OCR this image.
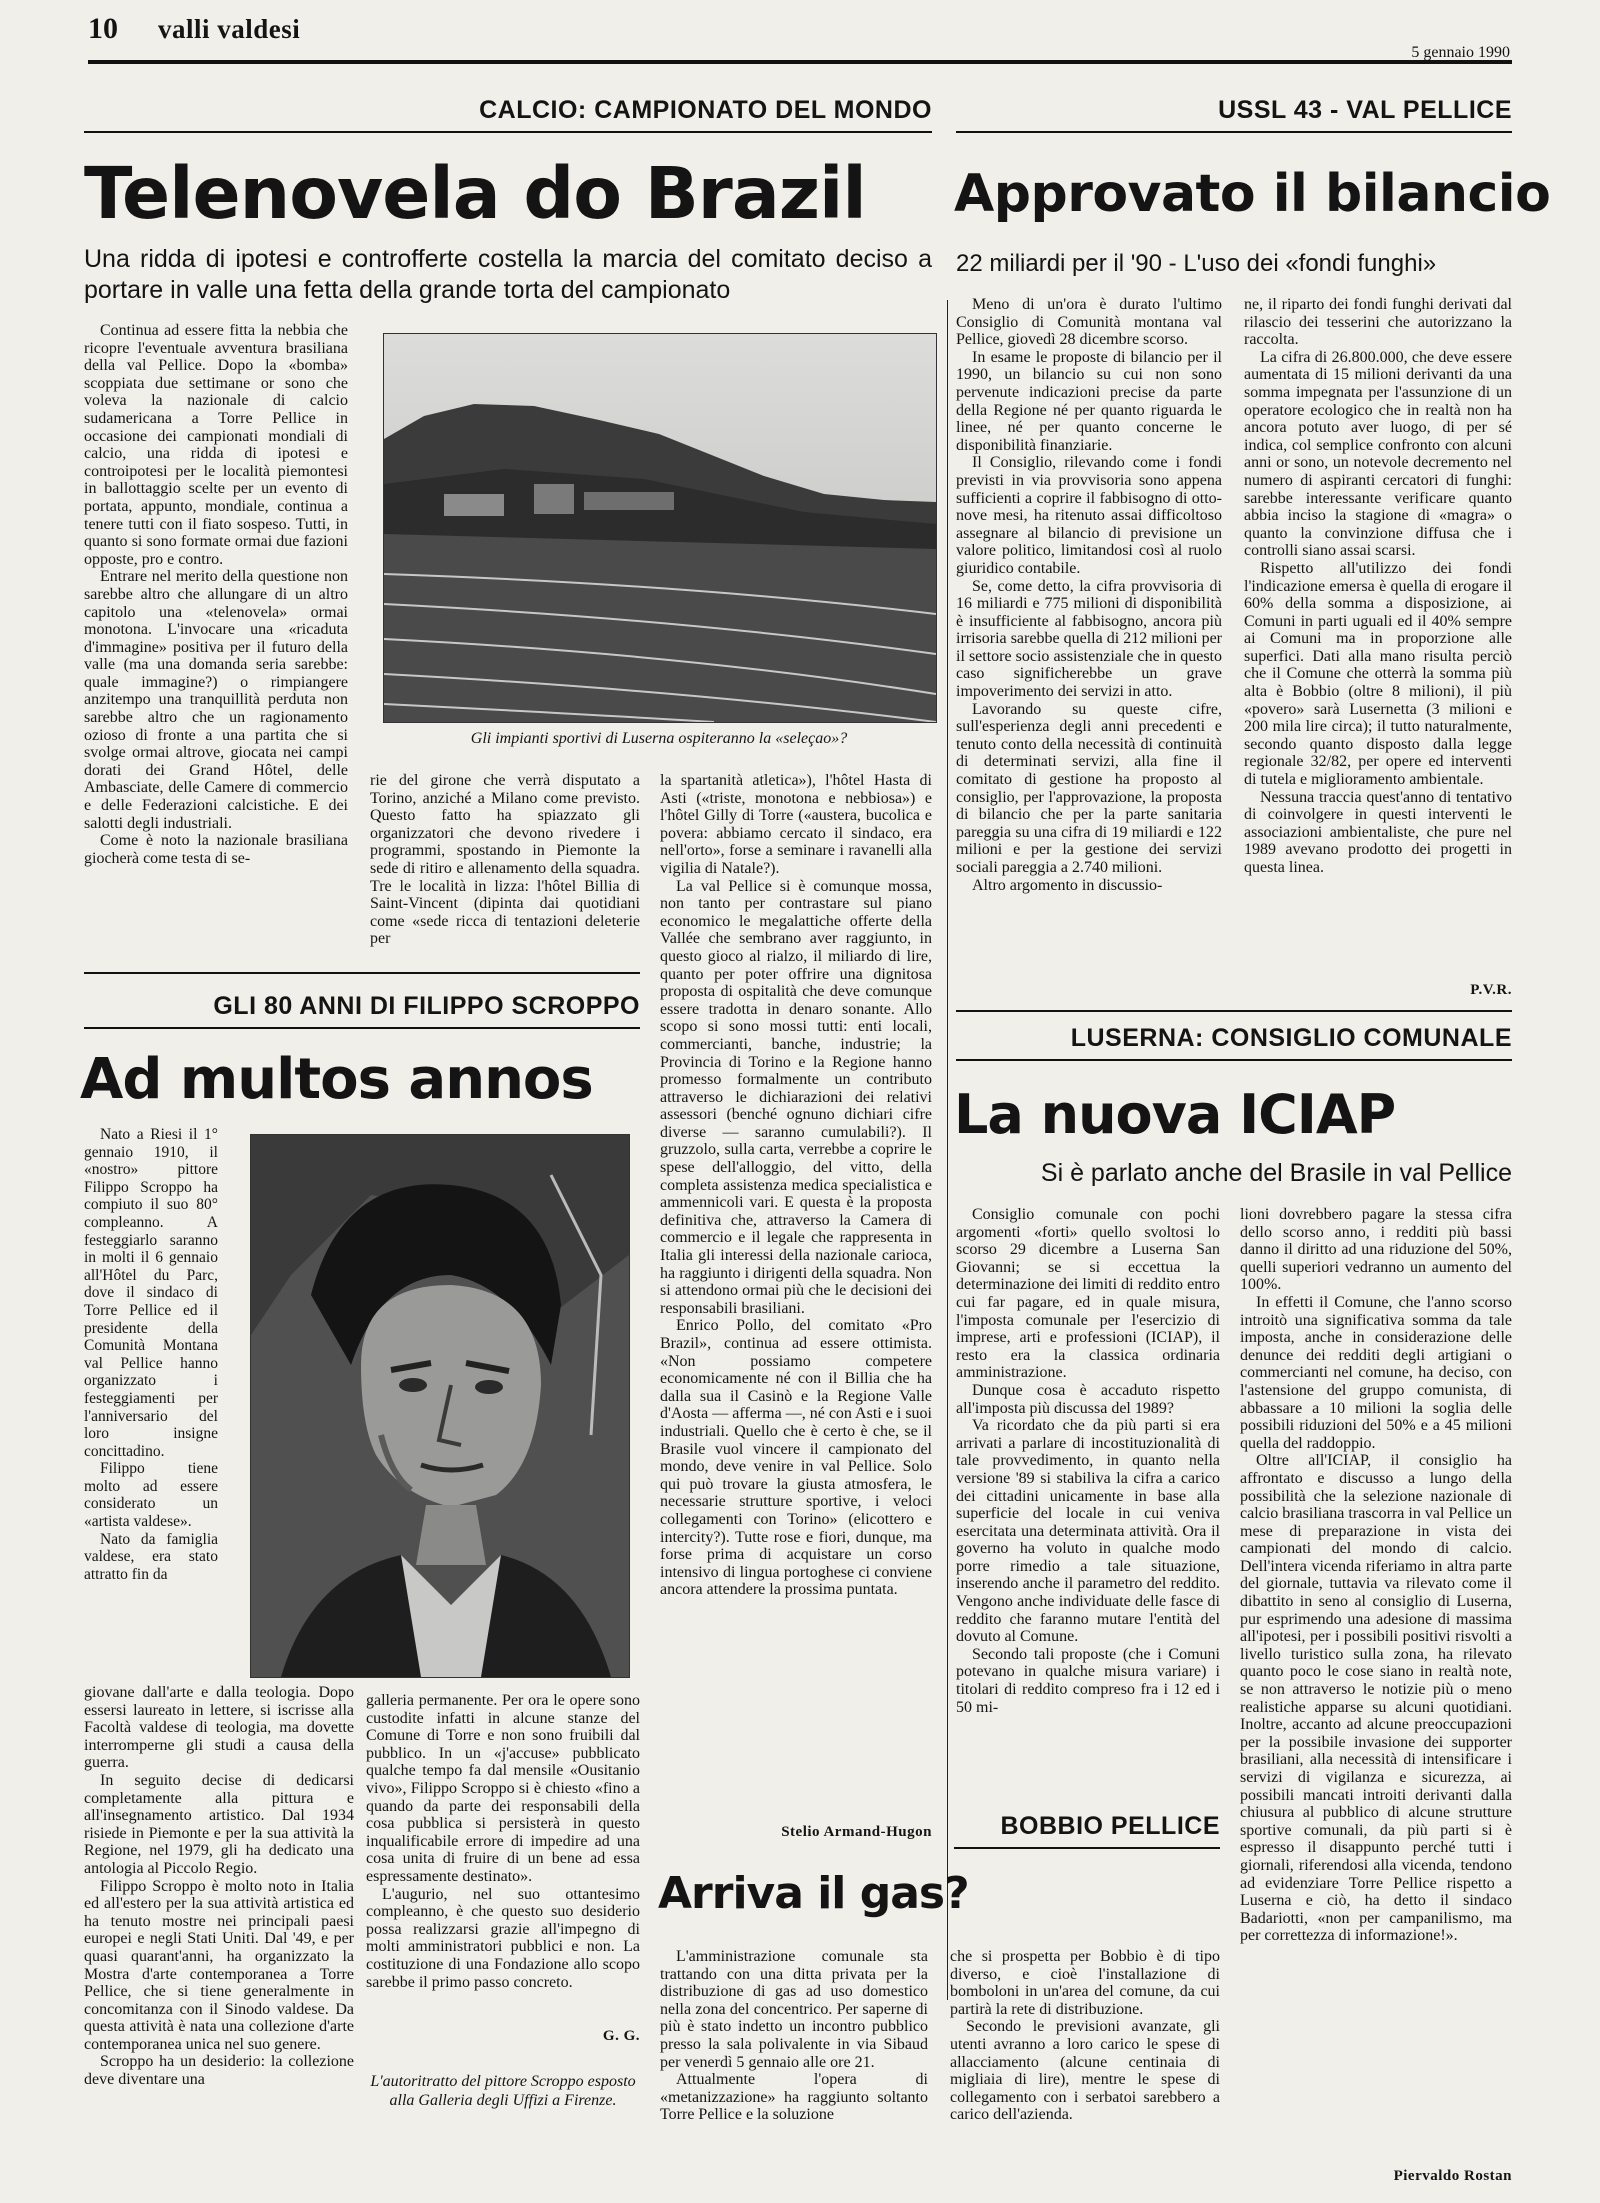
10 valli valdesi
5 gennaio 1990
CALCIO: CAMPIONATO DEL MONDO
Telenovela do Brazil
Una ridda di ipotesi e controfferte costella la marcia del comitato deciso a portare in valle una fetta della grande torta del campionato

Continua ad essere fitta la nebbia che ricopre l'eventuale avventura brasiliana della val Pellice. Dopo la «bomba» scoppiata due settimane or sono che voleva la nazionale di calcio sudamericana a Torre Pellice in occasione dei campionati mondiali di calcio, una ridda di ipotesi e controipotesi per le località piemontesi in ballottaggio scelte per un evento di portata, appunto, mondiale, continua a tenere tutti con il fiato sospeso. Tutti, in quanto si sono formate ormai due fazioni opposte, pro e contro.

Entrare nel merito della questione non sarebbe altro che allungare di un altro capitolo una «telenovela» ormai monotona. L'invocare una «ricaduta d'immagine» positiva per il futuro della valle (ma una domanda seria sarebbe: quale immagine?) o rimpiangere anzitempo una tranquillità perduta non sarebbe altro che un ragionamento ozioso di fronte a una partita che si svolge ormai altrove, giocata nei campi dorati dei Grand Hôtel, delle Ambasciate, delle Camere di commercio e delle Federazioni calcistiche. E dei salotti degli industriali.

Come è noto la nazionale brasiliana giocherà come testa di se-

Gli impianti sportivi di Luserna ospiteranno la «seleçao»?

rie del girone che verrà disputato a Torino, anziché a Milano come previsto. Questo fatto ha spiazzato gli organizzatori che devono rivedere i programmi, spostando in Piemonte la sede di ritiro e allenamento della squadra. Tre le località in lizza: l'hôtel Billia di Saint-Vincent (dipinta dai quotidiani come «sede ricca di tentazioni deleterie per

la spartanità atletica»), l'hôtel Hasta di Asti («triste, monotona e nebbiosa») e l'hôtel Gilly di Torre («austera, bucolica e povera: abbiamo cercato il sindaco, era nell'orto», forse a seminare i ravanelli alla vigilia di Natale?).

La val Pellice si è comunque mossa, non tanto per contrastare sul piano economico le megalattiche offerte della Vallée che sembrano aver raggiunto, in questo gioco al rialzo, il miliardo di lire, quanto per poter offrire una dignitosa proposta di ospitalità che deve comunque essere tradotta in denaro sonante. Allo scopo si sono mossi tutti: enti locali, commercianti, banche, industrie; la Provincia di Torino e la Regione hanno promesso formalmente un contributo attraverso le dichiarazioni dei relativi assessori (benché ognuno dichiari cifre diverse — saranno cumulabili?). Il gruzzolo, sulla carta, verrebbe a coprire le spese dell'alloggio, del vitto, della completa assistenza medica specialistica e ammennicoli vari. E questa è la proposta definitiva che, attraverso la Camera di commercio e il legale che rappresenta in Italia gli interessi della nazionale carioca, ha raggiunto i dirigenti della squadra. Non si attendono ormai più che le decisioni dei responsabili brasiliani.

Enrico Pollo, del comitato «Pro Brazil», continua ad essere ottimista. «Non possiamo competere economicamente né con il Billia che ha dalla sua il Casinò e la Regione Valle d'Aosta — afferma —, né con Asti e i suoi industriali. Quello che è certo è che, se il Brasile vuol vincere il campionato del mondo, deve venire in val Pellice. Solo qui può trovare la giusta atmosfera, le necessarie strutture sportive, i veloci collegamenti con Torino» (elicottero e intercity?). Tutte rose e fiori, dunque, ma forse prima di acquistare un corso intensivo di lingua portoghese ci conviene ancora attendere la prossima puntata.

Stelio Armand-Hugon
USSL 43 - VAL PELLICE
Approvato il bilancio
22 miliardi per il '90 - L'uso dei «fondi funghi»

Meno di un'ora è durato l'ultimo Consiglio di Comunità montana val Pellice, giovedì 28 dicembre scorso.

In esame le proposte di bilancio per il 1990, un bilancio su cui non sono pervenute indicazioni precise da parte della Regione né per quanto riguarda le linee, né per quanto concerne le disponibilità finanziarie.

Il Consiglio, rilevando come i fondi previsti in via provvisoria sono appena sufficienti a coprire il fabbisogno di otto-nove mesi, ha ritenuto assai difficoltoso assegnare al bilancio di previsione un valore politico, limitandosi così al ruolo giuridico contabile.

Se, come detto, la cifra provvisoria di 16 miliardi e 775 milioni di disponibilità è insufficiente al fabbisogno, ancora più irrisoria sarebbe quella di 212 milioni per il settore socio assistenziale che in questo caso significherebbe un grave impoverimento dei servizi in atto.

Lavorando su queste cifre, sull'esperienza degli anni precedenti e tenuto conto della necessità di continuità di determinati servizi, alla fine il comitato di gestione ha proposto al consiglio, per l'approvazione, la proposta di bilancio che per la parte sanitaria pareggia su una cifra di 19 miliardi e 122 milioni e per la gestione dei servizi sociali pareggia a 2.740 milioni.

Altro argomento in discussio-

ne, il riparto dei fondi funghi derivati dal rilascio dei tesserini che autorizzano la raccolta.

La cifra di 26.800.000, che deve essere aumentata di 15 milioni derivanti da una somma impegnata per l'assunzione di un operatore ecologico che in realtà non ha ancora potuto aver luogo, di per sé indica, col semplice confronto con alcuni anni or sono, un notevole decremento nel numero di aspiranti cercatori di funghi: sarebbe interessante verificare quanto abbia inciso la stagione di «magra» o quanto la convinzione diffusa che i controlli siano assai scarsi.

Rispetto all'utilizzo dei fondi l'indicazione emersa è quella di erogare il 60% della somma a disposizione, ai Comuni in parti uguali ed il 40% sempre ai Comuni ma in proporzione alle superfici. Dati alla mano risulta perciò che il Comune che otterrà la somma più alta è Bobbio (oltre 8 milioni), il più «povero» sarà Lusernetta (3 milioni e 200 mila lire circa); il tutto naturalmente, secondo quanto disposto dalla legge regionale 32/82, per opere ed interventi di tutela e miglioramento ambientale.

Nessuna traccia quest'anno di tentativo di coinvolgere in questi interventi le associazioni ambientaliste, che pure nel 1989 avevano prodotto dei progetti in questa linea.

P.V.R.
GLI 80 ANNI DI FILIPPO SCROPPO
Ad multos annos

Nato a Riesi il 1° gennaio 1910, il «nostro» pittore Filippo Scroppo ha compiuto il suo 80° compleanno. A festeggiarlo saranno in molti il 6 gennaio all'Hôtel du Parc, dove il sindaco di Torre Pellice ed il presidente della Comunità Montana val Pellice hanno organizzato i festeggiamenti per l'anniversario del loro insigne concittadino.

Filippo tiene molto ad essere considerato un «artista valdese».

Nato da famiglia valdese, era stato attratto fin da

giovane dall'arte e dalla teologia. Dopo essersi laureato in lettere, si iscrisse alla Facoltà valdese di teologia, ma dovette interromperne gli studi a causa della guerra.

In seguito decise di dedicarsi completamente alla pittura e all'insegnamento artistico. Dal 1934 risiede in Piemonte e per la sua attività la Regione, nel 1979, gli ha dedicato una antologia al Piccolo Regio.

Filippo Scroppo è molto noto in Italia ed all'estero per la sua attività artistica ed ha tenuto mostre nei principali paesi europei e negli Stati Uniti. Dal '49, e per quasi quarant'anni, ha organizzato la Mostra d'arte contemporanea a Torre Pellice, che si tiene generalmente in concomitanza con il Sinodo valdese. Da questa attività è nata una collezione d'arte contemporanea unica nel suo genere.

Scroppo ha un desiderio: la collezione deve diventare una

galleria permanente. Per ora le opere sono custodite infatti in alcune stanze del Comune di Torre e non sono fruibili dal pubblico. In un «j'accuse» pubblicato qualche tempo fa dal mensile «Ousitanio vivo», Filippo Scroppo si è chiesto «fino a quando da parte dei responsabili della cosa pubblica si persisterà in questo inqualificabile errore di impedire ad una cosa unita di fruire di un bene ad essa espressamente destinato».

L'augurio, nel suo ottantesimo compleanno, è che questo suo desiderio possa realizzarsi grazie all'impegno di molti amministratori pubblici e non. La costituzione di una Fondazione allo scopo sarebbe il primo passo concreto.

G. G.
L'autoritratto del pittore Scroppo esposto alla Galleria degli Uffizi a Firenze.
LUSERNA: CONSIGLIO COMUNALE
La nuova ICIAP
Si è parlato anche del Brasile in val Pellice

Consiglio comunale con pochi argomenti «forti» quello svoltosi lo scorso 29 dicembre a Luserna San Giovanni; se si eccettua la determinazione dei limiti di reddito entro cui far pagare, ed in quale misura, l'imposta comunale per l'esercizio di imprese, arti e professioni (ICIAP), il resto era la classica ordinaria amministrazione.

Dunque cosa è accaduto rispetto all'imposta più discussa del 1989?

Va ricordato che da più parti si era arrivati a parlare di incostituzionalità di tale provvedimento, in quanto nella versione '89 si stabiliva la cifra a carico dei cittadini unicamente in base alla superficie del locale in cui veniva esercitata una determinata attività. Ora il governo ha voluto in qualche modo porre rimedio a tale situazione, inserendo anche il parametro del reddito. Vengono anche individuate delle fasce di reddito che faranno mutare l'entità del dovuto al Comune.

Secondo tali proposte (che i Comuni potevano in qualche misura variare) i titolari di reddito compreso fra i 12 ed i 50 mi-

lioni dovrebbero pagare la stessa cifra dello scorso anno, i redditi più bassi danno il diritto ad una riduzione del 50%, quelli superiori vedranno un aumento del 100%.

In effetti il Comune, che l'anno scorso introitò una significativa somma da tale imposta, anche in considerazione delle denunce dei redditi degli artigiani o commercianti nel comune, ha deciso, con l'astensione del gruppo comunista, di abbassare a 10 milioni la soglia delle possibili riduzioni del 50% e a 45 milioni quella del raddoppio.

Oltre all'ICIAP, il consiglio ha affrontato e discusso a lungo della possibilità che la selezione nazionale di calcio brasiliana trascorra in val Pellice un mese di preparazione in vista dei campionati del mondo di calcio. Dell'intera vicenda riferiamo in altra parte del giornale, tuttavia va rilevato come il dibattito in seno al consiglio di Luserna, pur esprimendo una adesione di massima all'ipotesi, per i possibili positivi risvolti a livello turistico sulla zona, ha rilevato quanto poco le cose siano in realtà note, se non attraverso le notizie più o meno realistiche apparse su alcuni quotidiani. Inoltre, accanto ad alcune preoccupazioni per la possibile invasione dei supporter brasiliani, alla necessità di intensificare i servizi di vigilanza e sicurezza, ai possibili mancati introiti derivanti dalla chiusura al pubblico di alcune strutture sportive comunali, da più parti si è espresso il disappunto perché tutti i giornali, riferendosi alla vicenda, tendono ad evidenziare Torre Pellice rispetto a Luserna e ciò, ha detto il sindaco Badariotti, «non per campanilismo, ma per correttezza di informazione!».

Piervaldo Rostan
BOBBIO PELLICE
Arriva il gas?

L'amministrazione comunale sta trattando con una ditta privata per la distribuzione di gas ad uso domestico nella zona del concentrico. Per saperne di più è stato indetto un incontro pubblico presso la sala polivalente in via Sibaud per venerdì 5 gennaio alle ore 21.

Attualmente l'opera di «metanizzazione» ha raggiunto soltanto Torre Pellice e la soluzione

che si prospetta per Bobbio è di tipo diverso, e cioè l'installazione di bomboloni in un'area del comune, da cui partirà la rete di distribuzione.

Secondo le previsioni avanzate, gli utenti avranno a loro carico le spese di allacciamento (alcune centinaia di migliaia di lire), mentre le spese di collegamento con i serbatoi sarebbero a carico dell'azienda.
